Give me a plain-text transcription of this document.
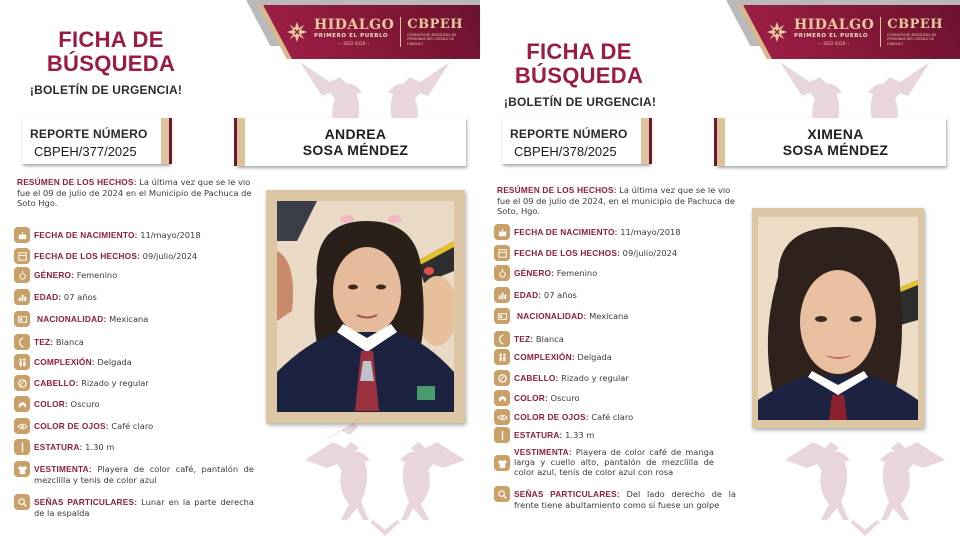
HIDALGO
PRIMERO EL PUEBLO
— 2022-2028 —
CBPEH
COMISIÓN DE BÚSQUEDA DE PERSONAS DEL ESTADO DE HIDALGO
FICHA DE
BÚSQUEDA
¡BOLETÍN DE URGENCIA!
REPORTE NÚMERO
CBPEH/377/2025
ANDREA
SOSA MÉNDEZ
RESÚMEN DE LOS HECHOS: La última vez que se le vio fue el 09 de julio de 2024 en el Municipio de Pachuca de Soto Hgo.
FECHA DE NACIMIENTO: 11/mayo/2018
FECHA DE LOS HECHOS: 09/julio/2024
GÉNERO: Femenino
EDAD: 07 años
NACIONALIDAD: Mexicana
TEZ: Blanca
COMPLEXIÓN: Delgada
CABELLO: Rizado y regular
COLOR: Oscuro
COLOR DE OJOS: Café claro
ESTATURA: 1.30 m
VESTIMENTA: Playera de color café, pantalón de mezclilla y tenis de color azul
SEÑAS PARTICULARES: Lunar en la parte derecha de la espalda
HIDALGO
PRIMERO EL PUEBLO
— 2022-2028 —
CBPEH
COMISIÓN DE BÚSQUEDA DE PERSONAS DEL ESTADO DE HIDALGO
FICHA DE
BÚSQUEDA
¡BOLETÍN DE URGENCIA!
REPORTE NÚMERO
CBPEH/378/2025
XIMENA
SOSA MÉNDEZ
RESÚMEN DE LOS HECHOS: La última vez que se le vio fue el 09 de julio de 2024, en el municipio de Pachuca de Soto, Hgo.
FECHA DE NACIMIENTO: 11/mayo/2018
FECHA DE LOS HECHOS: 09/julio/2024
GÉNERO: Femenino
EDAD: 07 años
NACIONALIDAD: Mexicana
TEZ: Blanca
COMPLEXIÓN: Delgada
CABELLO: Rizado y regular
COLOR: Oscuro
COLOR DE OJOS: Café claro
ESTATURA: 1.33 m
VESTIMENTA: Playera de color café de manga larga y cuello alto, pantalón de mezclilla de color azul, tenis de color azul con rosa
SEÑAS PARTICULARES: Del lado derecho de la frente tiene abultamiento como si fuese un golpe
